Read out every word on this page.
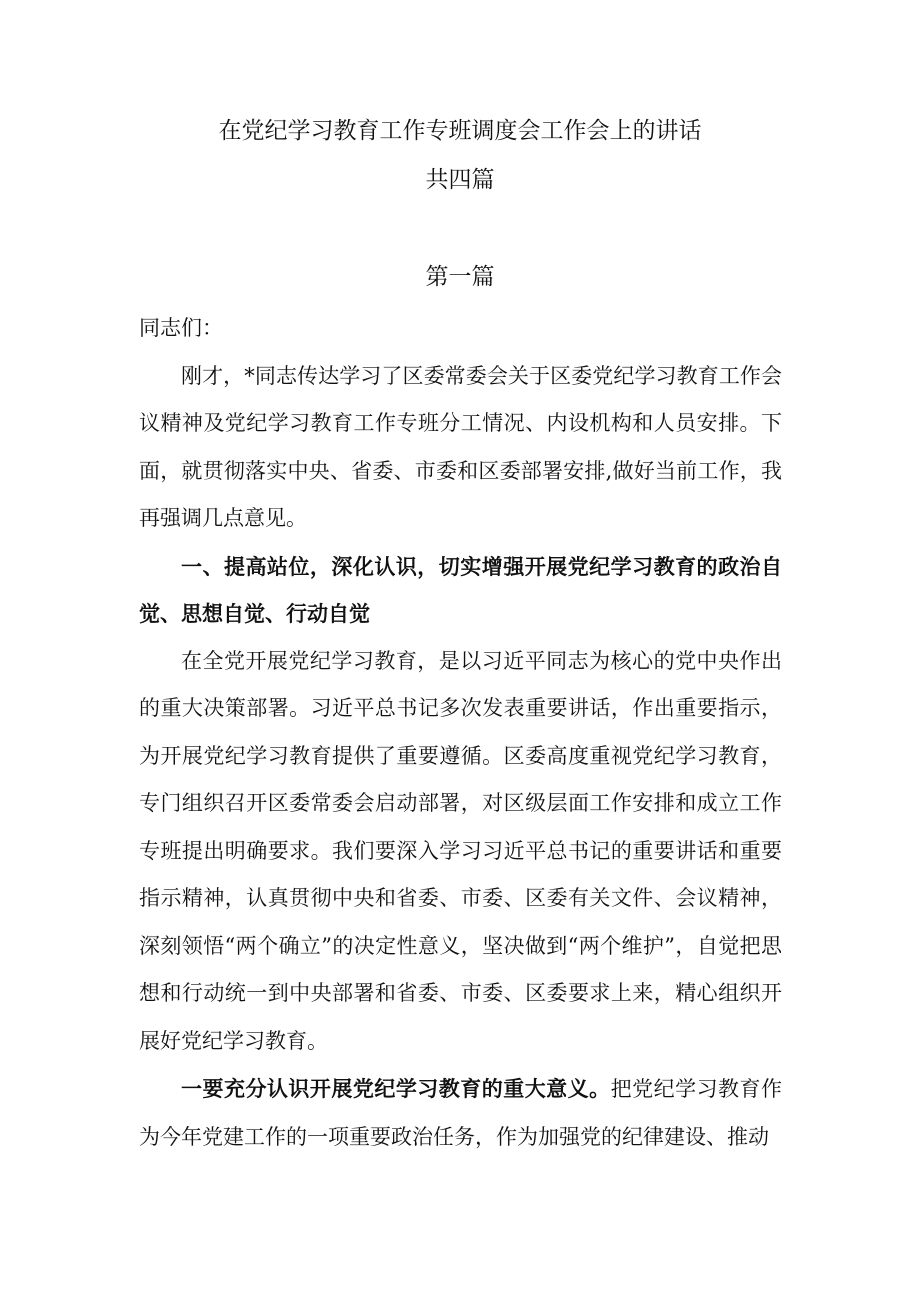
在党纪学习教育工作专班调度会工作会上的讲话
共四篇
第一篇

同志们：

刚才，*同志传达学习了区委常委会关于区委党纪学习教育工作会议精神及党纪学习教育工作专班分工情况、内设机构和人员安排。下面，就贯彻落实中央、省委、市委和区委部署安排,做好当前工作，我再强调几点意见。

一、提高站位，深化认识，切实增强开展党纪学习教育的政治自觉、思想自觉、行动自觉

在全党开展党纪学习教育，是以习近平同志为核心的党中央作出的重大决策部署。习近平总书记多次发表重要讲话，作出重要指示，为开展党纪学习教育提供了重要遵循。区委高度重视党纪学习教育，专门组织召开区委常委会启动部署，对区级层面工作安排和成立工作专班提出明确要求。我们要深入学习习近平总书记的重要讲话和重要指示精神，认真贯彻中央和省委、市委、区委有关文件、会议精神，深刻领悟“两个确立”的决定性意义，坚决做到“两个维护”，自觉把思想和行动统一到中央部署和省委、市委、区委要求上来，精心组织开展好党纪学习教育。

一要充分认识开展党纪学习教育的重大意义。把党纪学习教育作为今年党建工作的一项重要政治任务，作为加强党的纪律建设、推动
